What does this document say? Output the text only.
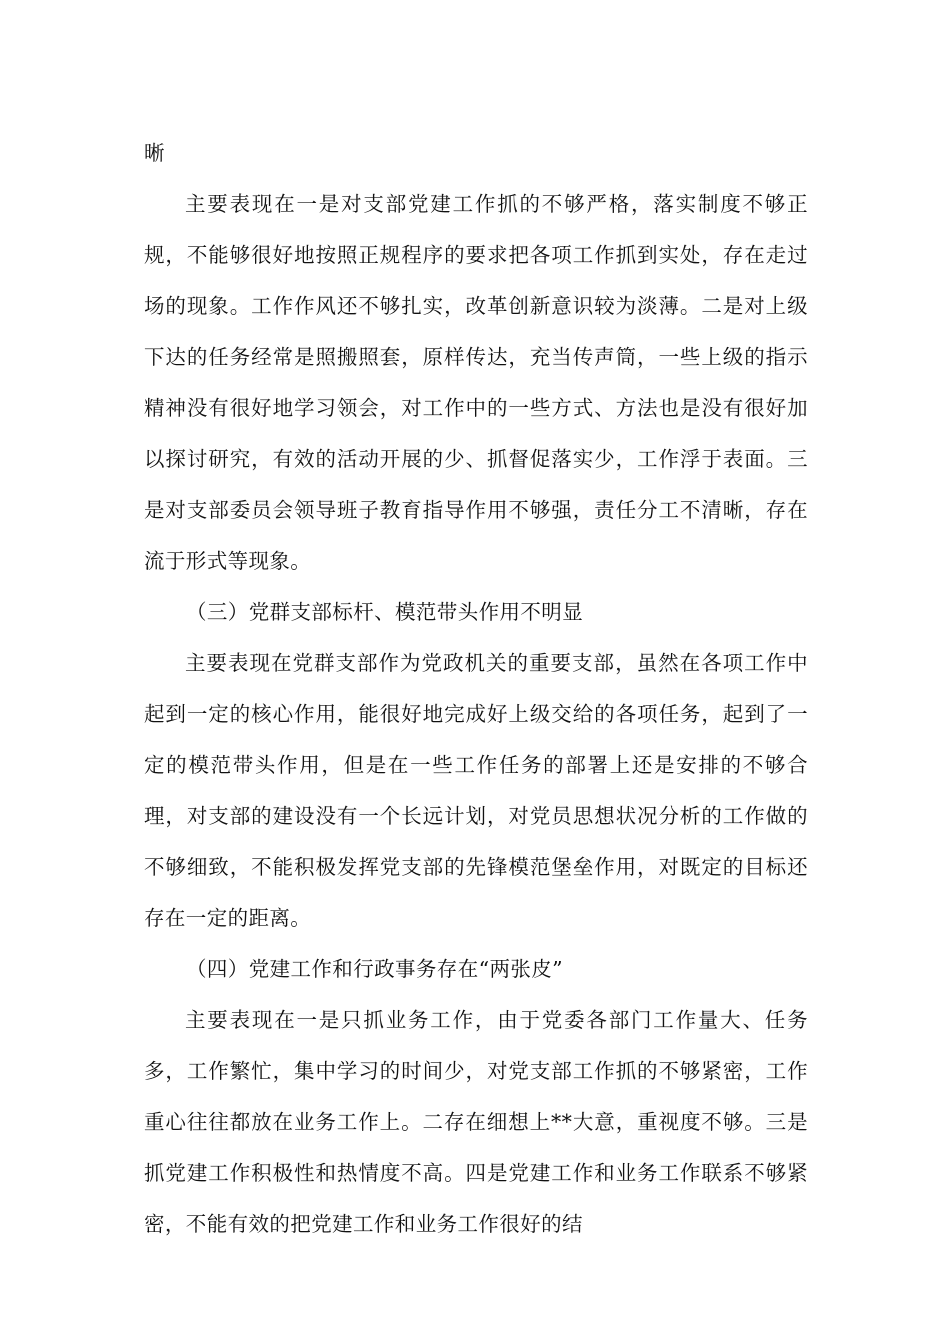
晰

主要表现在一是对支部党建工作抓的不够严格，落实制度不够正规，不能够很好地按照正规程序的要求把各项工作抓到实处，存在走过场的现象。工作作风还不够扎实，改革创新意识较为淡薄。二是对上级下达的任务经常是照搬照套，原样传达，充当传声筒，一些上级的指示精神没有很好地学习领会，对工作中的一些方式、方法也是没有很好加以探讨研究，有效的活动开展的少、抓督促落实少，工作浮于表面。三是对支部委员会领导班子教育指导作用不够强，责任分工不清晰，存在流于形式等现象。

（三）党群支部标杆、模范带头作用不明显

主要表现在党群支部作为党政机关的重要支部，虽然在各项工作中起到一定的核心作用，能很好地完成好上级交给的各项任务，起到了一定的模范带头作用，但是在一些工作任务的部署上还是安排的不够合理，对支部的建设没有一个长远计划，对党员思想状况分析的工作做的不够细致，不能积极发挥党支部的先锋模范堡垒作用，对既定的目标还存在一定的距离。

（四）党建工作和行政事务存在“两张皮”

主要表现在一是只抓业务工作，由于党委各部门工作量大、任务多，工作繁忙，集中学习的时间少，对党支部工作抓的不够紧密，工作重心往往都放在业务工作上。二存在细想上**大意，重视度不够。三是抓党建工作积极性和热情度不高。四是党建工作和业务工作联系不够紧密，不能有效的把党建工作和业务工作很好的结
